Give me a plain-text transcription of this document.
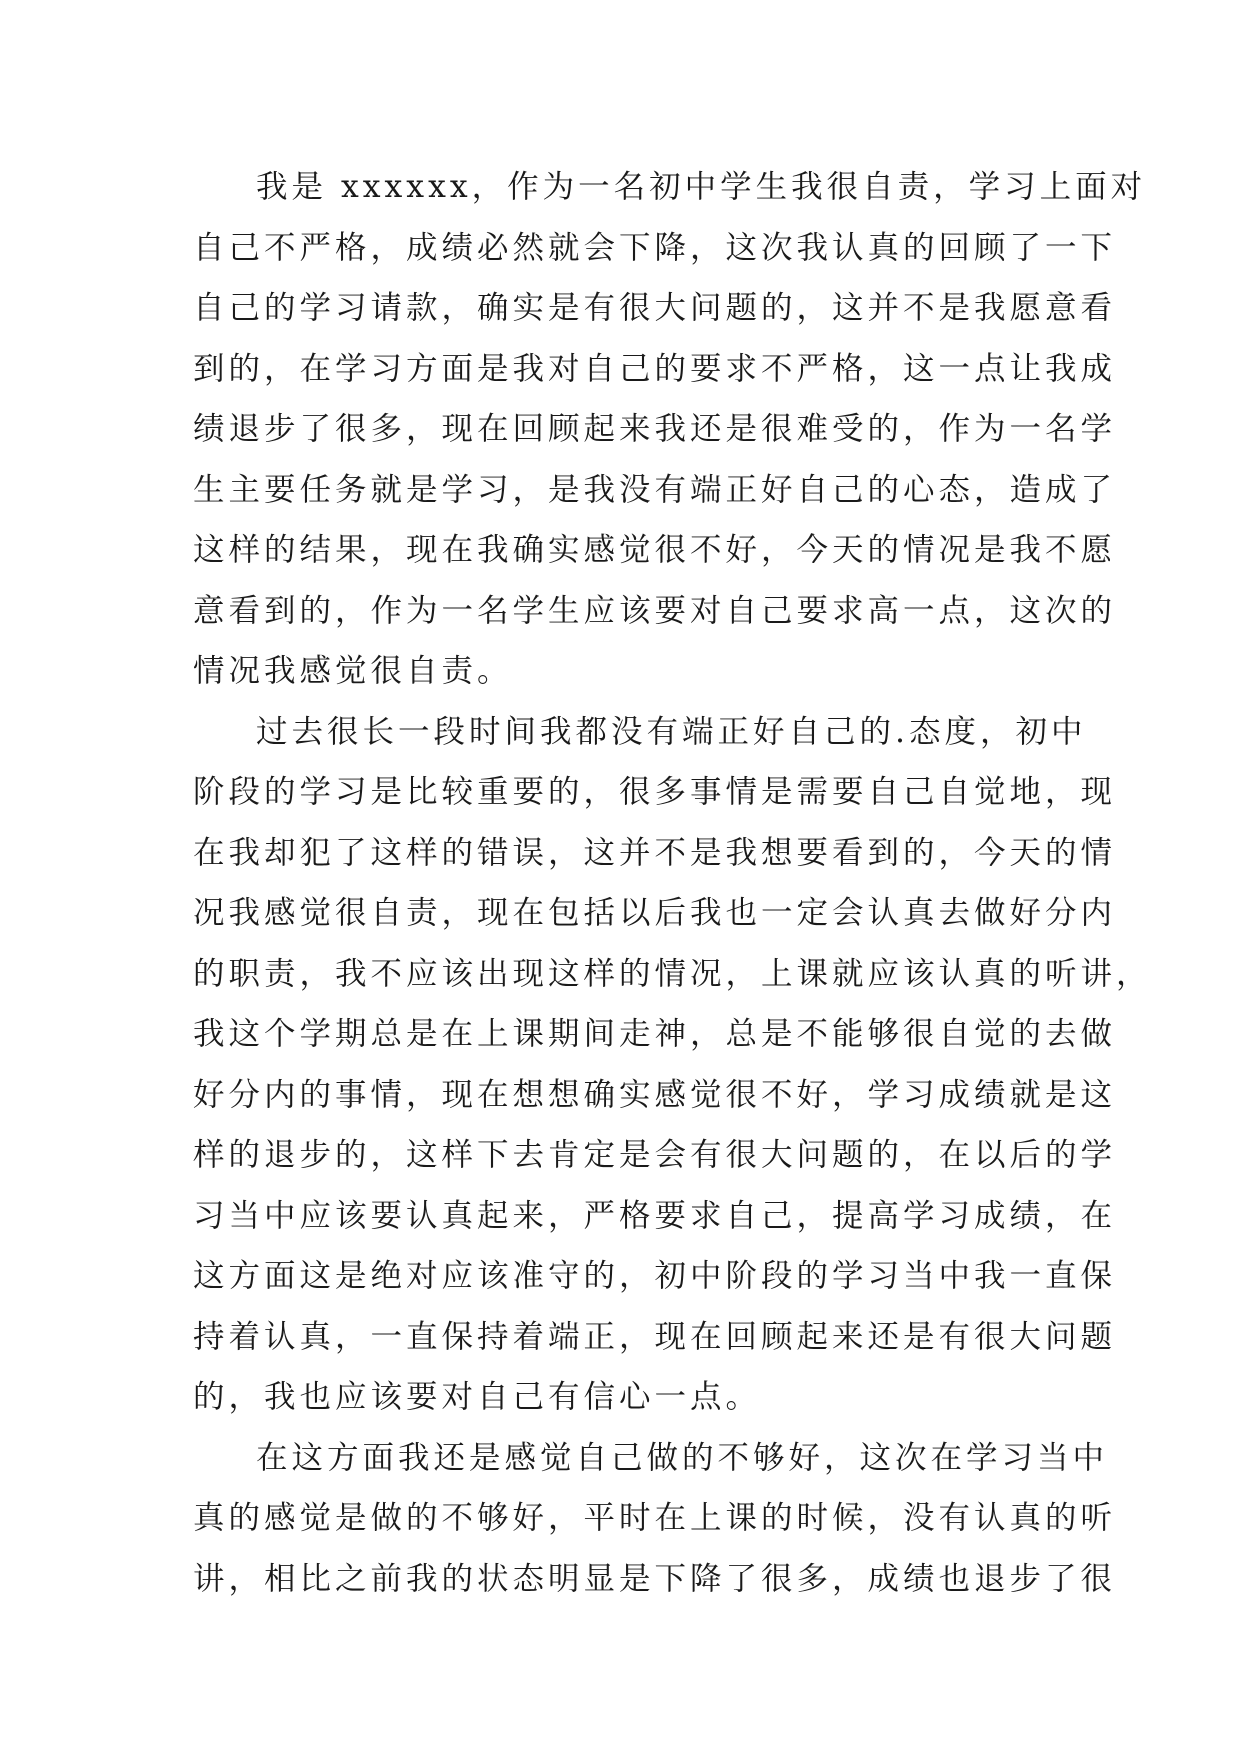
我是 xxxxxx，作为一名初中学生我很自责，学习上面对
自己不严格，成绩必然就会下降，这次我认真的回顾了一下
自己的学习请款，确实是有很大问题的，这并不是我愿意看
到的，在学习方面是我对自己的要求不严格，这一点让我成
绩退步了很多，现在回顾起来我还是很难受的，作为一名学
生主要任务就是学习，是我没有端正好自己的心态，造成了
这样的结果，现在我确实感觉很不好，今天的情况是我不愿
意看到的，作为一名学生应该要对自己要求高一点，这次的
情况我感觉很自责。
过去很长一段时间我都没有端正好自己的.态度，初中
阶段的学习是比较重要的，很多事情是需要自己自觉地，现
在我却犯了这样的错误，这并不是我想要看到的，今天的情
况我感觉很自责，现在包括以后我也一定会认真去做好分内
的职责，我不应该出现这样的情况，上课就应该认真的听讲，
我这个学期总是在上课期间走神，总是不能够很自觉的去做
好分内的事情，现在想想确实感觉很不好，学习成绩就是这
样的退步的，这样下去肯定是会有很大问题的，在以后的学
习当中应该要认真起来，严格要求自己，提高学习成绩，在
这方面这是绝对应该准守的，初中阶段的学习当中我一直保
持着认真，一直保持着端正，现在回顾起来还是有很大问题
的，我也应该要对自己有信心一点。
在这方面我还是感觉自己做的不够好，这次在学习当中
真的感觉是做的不够好，平时在上课的时候，没有认真的听
讲，相比之前我的状态明显是下降了很多，成绩也退步了很
